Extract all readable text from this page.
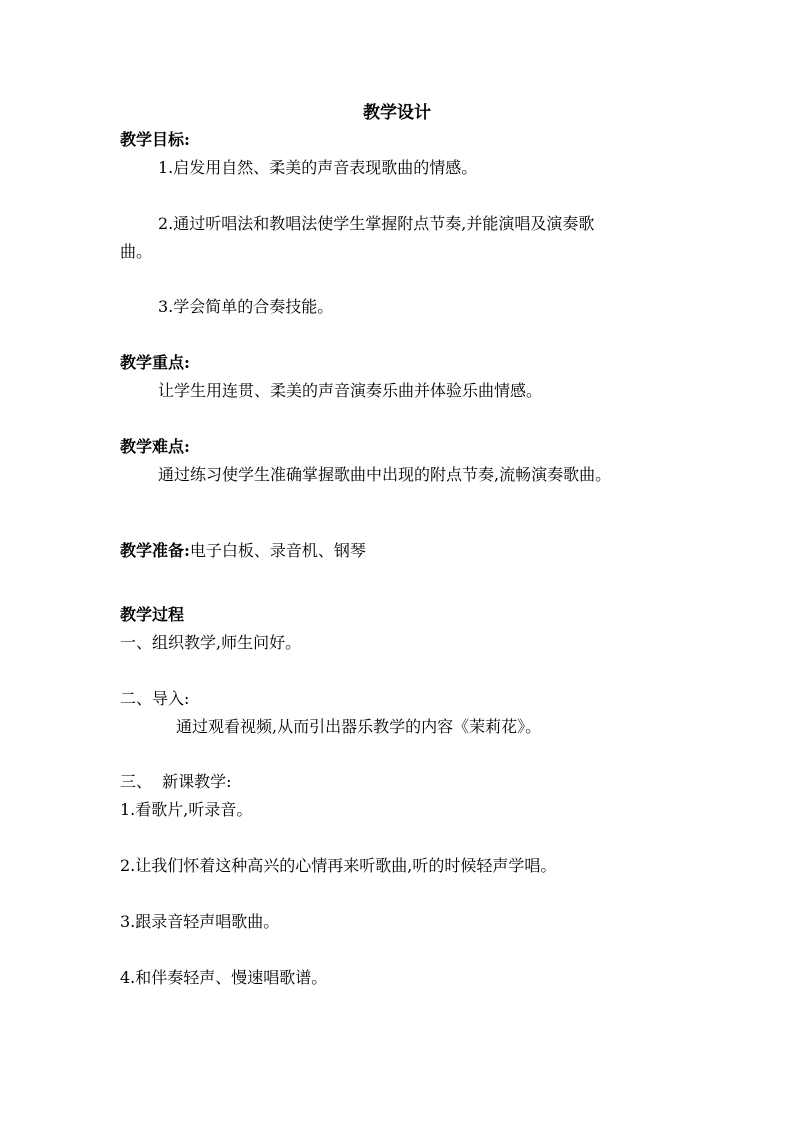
教学设计
教学目标:
1.启发用自然、柔美的声音表现歌曲的情感。
2.通过听唱法和教唱法使学生掌握附点节奏,并能演唱及演奏歌
曲。
3.学会简单的合奏技能。
教学重点:
让学生用连贯、柔美的声音演奏乐曲并体验乐曲情感。
教学难点:
通过练习使学生准确掌握歌曲中出现的附点节奏,流畅演奏歌曲。
教学准备:电子白板、录音机、钢琴
教学过程
一、组织教学,师生问好。
二、导入:
通过观看视频,从而引出器乐教学的内容《茉莉花》。
三、  新课教学:
1.看歌片,听录音。
2.让我们怀着这种高兴的心情再来听歌曲,听的时候轻声学唱。
3.跟录音轻声唱歌曲。
4.和伴奏轻声、慢速唱歌谱。
